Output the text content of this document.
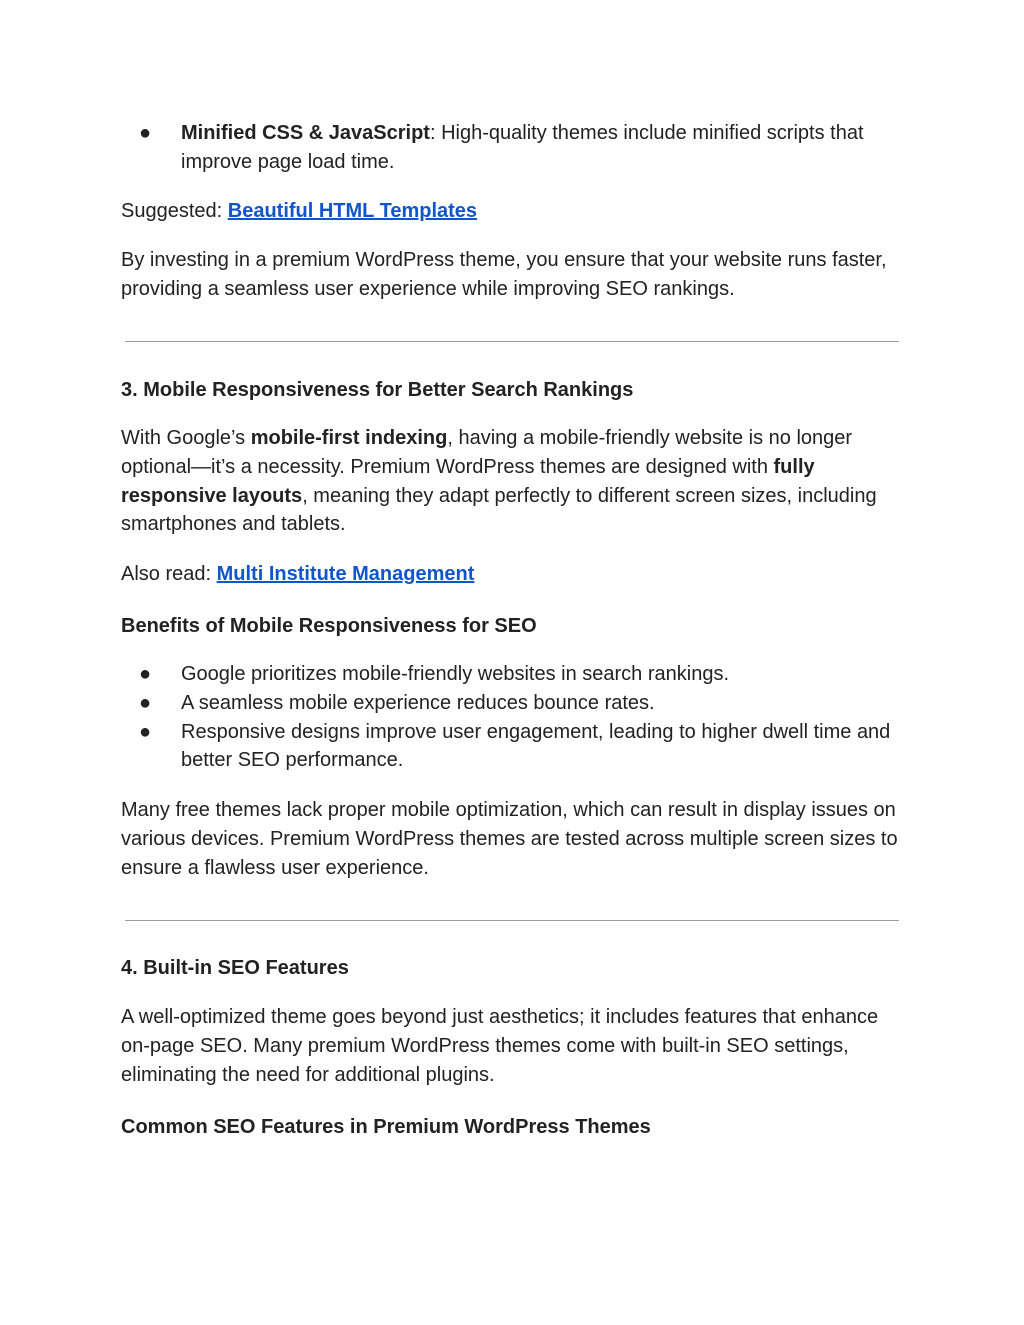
● Minified CSS & JavaScript: High-quality themes include minified scripts that improve page load time.

Suggested: Beautiful HTML Templates

By investing in a premium WordPress theme, you ensure that your website runs faster, providing a seamless user experience while improving SEO rankings.

3. Mobile Responsiveness for Better Search Rankings

With Google’s mobile-first indexing, having a mobile-friendly website is no longer optional—it’s a necessity. Premium WordPress themes are designed with fully responsive layouts, meaning they adapt perfectly to different screen sizes, including smartphones and tablets.

Also read: Multi Institute Management

Benefits of Mobile Responsiveness for SEO

● Google prioritizes mobile-friendly websites in search rankings.
● A seamless mobile experience reduces bounce rates.
● Responsive designs improve user engagement, leading to higher dwell time and better SEO performance.

Many free themes lack proper mobile optimization, which can result in display issues on various devices. Premium WordPress themes are tested across multiple screen sizes to ensure a flawless user experience.

4. Built-in SEO Features

A well-optimized theme goes beyond just aesthetics; it includes features that enhance on-page SEO. Many premium WordPress themes come with built-in SEO settings, eliminating the need for additional plugins.

Common SEO Features in Premium WordPress Themes
